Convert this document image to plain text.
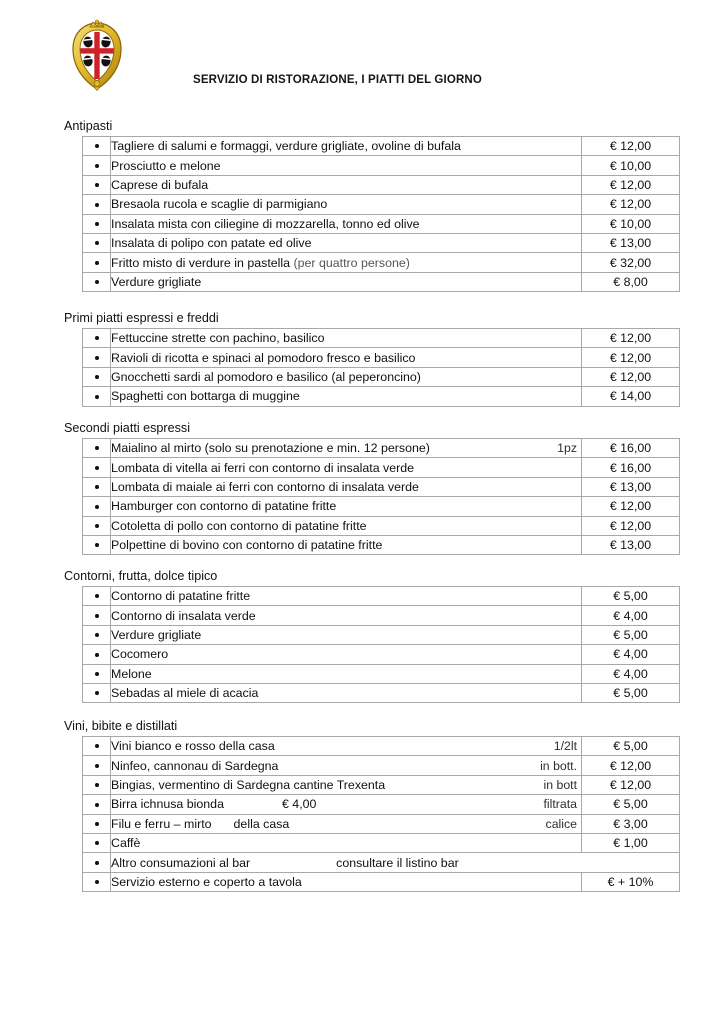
SERVIZIO DI RISTORAZIONE, I PIATTI DEL GIORNO
Antipasti
	Tagliere di salumi e formaggi, verdure grigliate, ovoline di bufala	€ 12,00
	Prosciutto e melone	€ 10,00
	Caprese di bufala	€ 12,00
	Bresaola rucola e scaglie di parmigiano	€ 12,00
	Insalata mista con ciliegine di mozzarella, tonno ed olive	€ 10,00
	Insalata di polipo con patate ed olive	€ 13,00
	Fritto misto di verdure in pastella (per quattro persone)	€ 32,00
	Verdure grigliate	€ 8,00
Primi piatti espressi e freddi
	Fettuccine strette con pachino, basilico	€ 12,00
	Ravioli di ricotta e spinaci al pomodoro fresco e basilico	€ 12,00
	Gnocchetti sardi al pomodoro e basilico (al peperoncino)	€ 12,00
	Spaghetti con bottarga di muggine	€ 14,00
Secondi piatti espressi
	Maialino al mirto (solo su prenotazione e min. 12 persone) 1pz	€ 16,00
	Lombata di vitella ai ferri con contorno di insalata verde	€ 16,00
	Lombata di maiale ai ferri con contorno di insalata verde	€ 13,00
	Hamburger con contorno di patatine fritte	€ 12,00
	Cotoletta di pollo con contorno di patatine fritte	€ 12,00
	Polpettine di bovino con contorno di patatine fritte	€ 13,00
Contorni, frutta, dolce tipico
	Contorno di patatine fritte	€ 5,00
	Contorno di insalata verde	€ 4,00
	Verdure grigliate	€ 5,00
	Cocomero	€ 4,00
	Melone	€ 4,00
	Sebadas al miele di acacia	€ 5,00
Vini, bibite e distillati
	Vini bianco e rosso della casa 1/2lt	€ 5,00
	Ninfeo, cannonau di Sardegna in bott.	€ 12,00
	Bingias, vermentino di Sardegna cantine Trexenta in bott	€ 12,00
	Birra ichnusa bionda € 4,00 filtrata	€ 5,00
	Filu e ferru – mirto della casa calice	€ 3,00
	Caffè	€ 1,00
	Altro consumazioni al bar consultare il listino bar	
	Servizio esterno e coperto a tavola	€ + 10%
